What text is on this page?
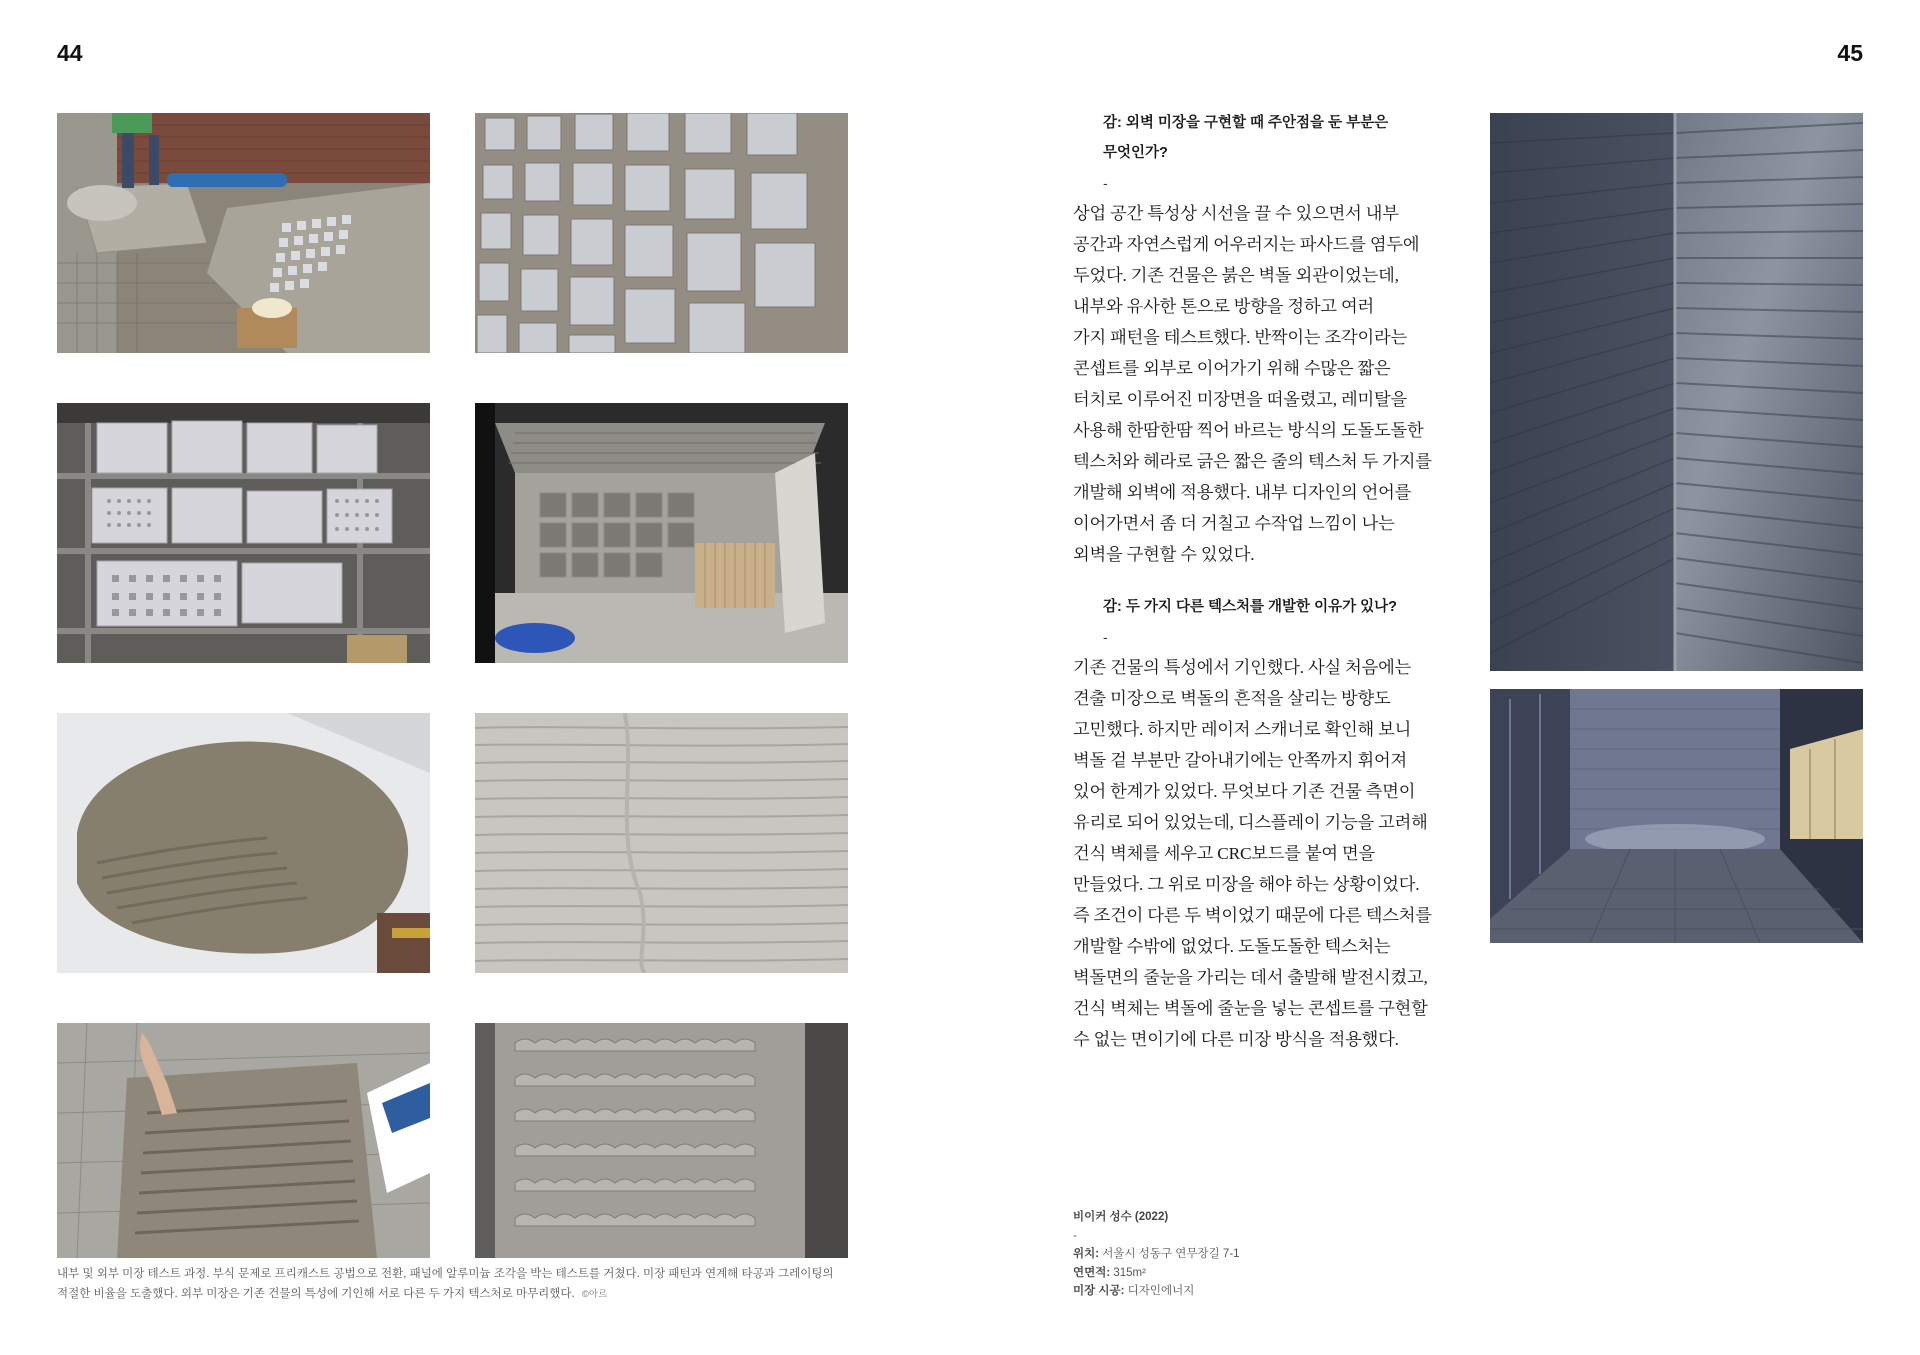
44	45
내부 및 외부 미장 테스트 과정. 부식 문제로 프리캐스트 공법으로 전환, 패널에 알루미늄 조각을 박는 테스트를 거쳤다. 미장 패턴과 연계해 타공과 그레이팅의 적절한 비율을 도출했다. 외부 미장은 기존 건물의 특성에 기인해 서로 다른 두 가지 텍스처로 마무리했다. ©아르
감: 외벽 미장을 구현할 때 주안점을 둔 부분은
무엇인가?
-

상업 공간 특성상 시선을 끌 수 있으면서 내부
공간과 자연스럽게 어우러지는 파사드를 염두에
두었다. 기존 건물은 붉은 벽돌 외관이었는데,
내부와 유사한 톤으로 방향을 정하고 여러
가지 패턴을 테스트했다. 반짝이는 조각이라는
콘셉트를 외부로 이어가기 위해 수많은 짧은
터치로 이루어진 미장면을 떠올렸고, 레미탈을
사용해 한땀한땀 찍어 바르는 방식의 도돌도돌한
텍스처와 헤라로 긁은 짧은 줄의 텍스처 두 가지를
개발해 외벽에 적용했다. 내부 디자인의 언어를
이어가면서 좀 더 거칠고 수작업 느낌이 나는
외벽을 구현할 수 있었다.

감: 두 가지 다른 텍스처를 개발한 이유가 있나?
-

기존 건물의 특성에서 기인했다. 사실 처음에는
견출 미장으로 벽돌의 흔적을 살리는 방향도
고민했다. 하지만 레이저 스캐너로 확인해 보니
벽돌 겉 부분만 갈아내기에는 안쪽까지 휘어져
있어 한계가 있었다. 무엇보다 기존 건물 측면이
유리로 되어 있었는데, 디스플레이 기능을 고려해
건식 벽체를 세우고 CRC보드를 붙여 면을
만들었다. 그 위로 미장을 해야 하는 상황이었다.
즉 조건이 다른 두 벽이었기 때문에 다른 텍스처를
개발할 수밖에 없었다. 도돌도돌한 텍스처는
벽돌면의 줄눈을 가리는 데서 출발해 발전시켰고,
건식 벽체는 벽돌에 줄눈을 넣는 콘셉트를 구현할
수 없는 면이기에 다른 미장 방식을 적용했다.

비이커 성수 (2022)
-
위치: 서울시 성동구 연무장길 7-1
연면적: 315m²
미장 시공: 디자인에너지
